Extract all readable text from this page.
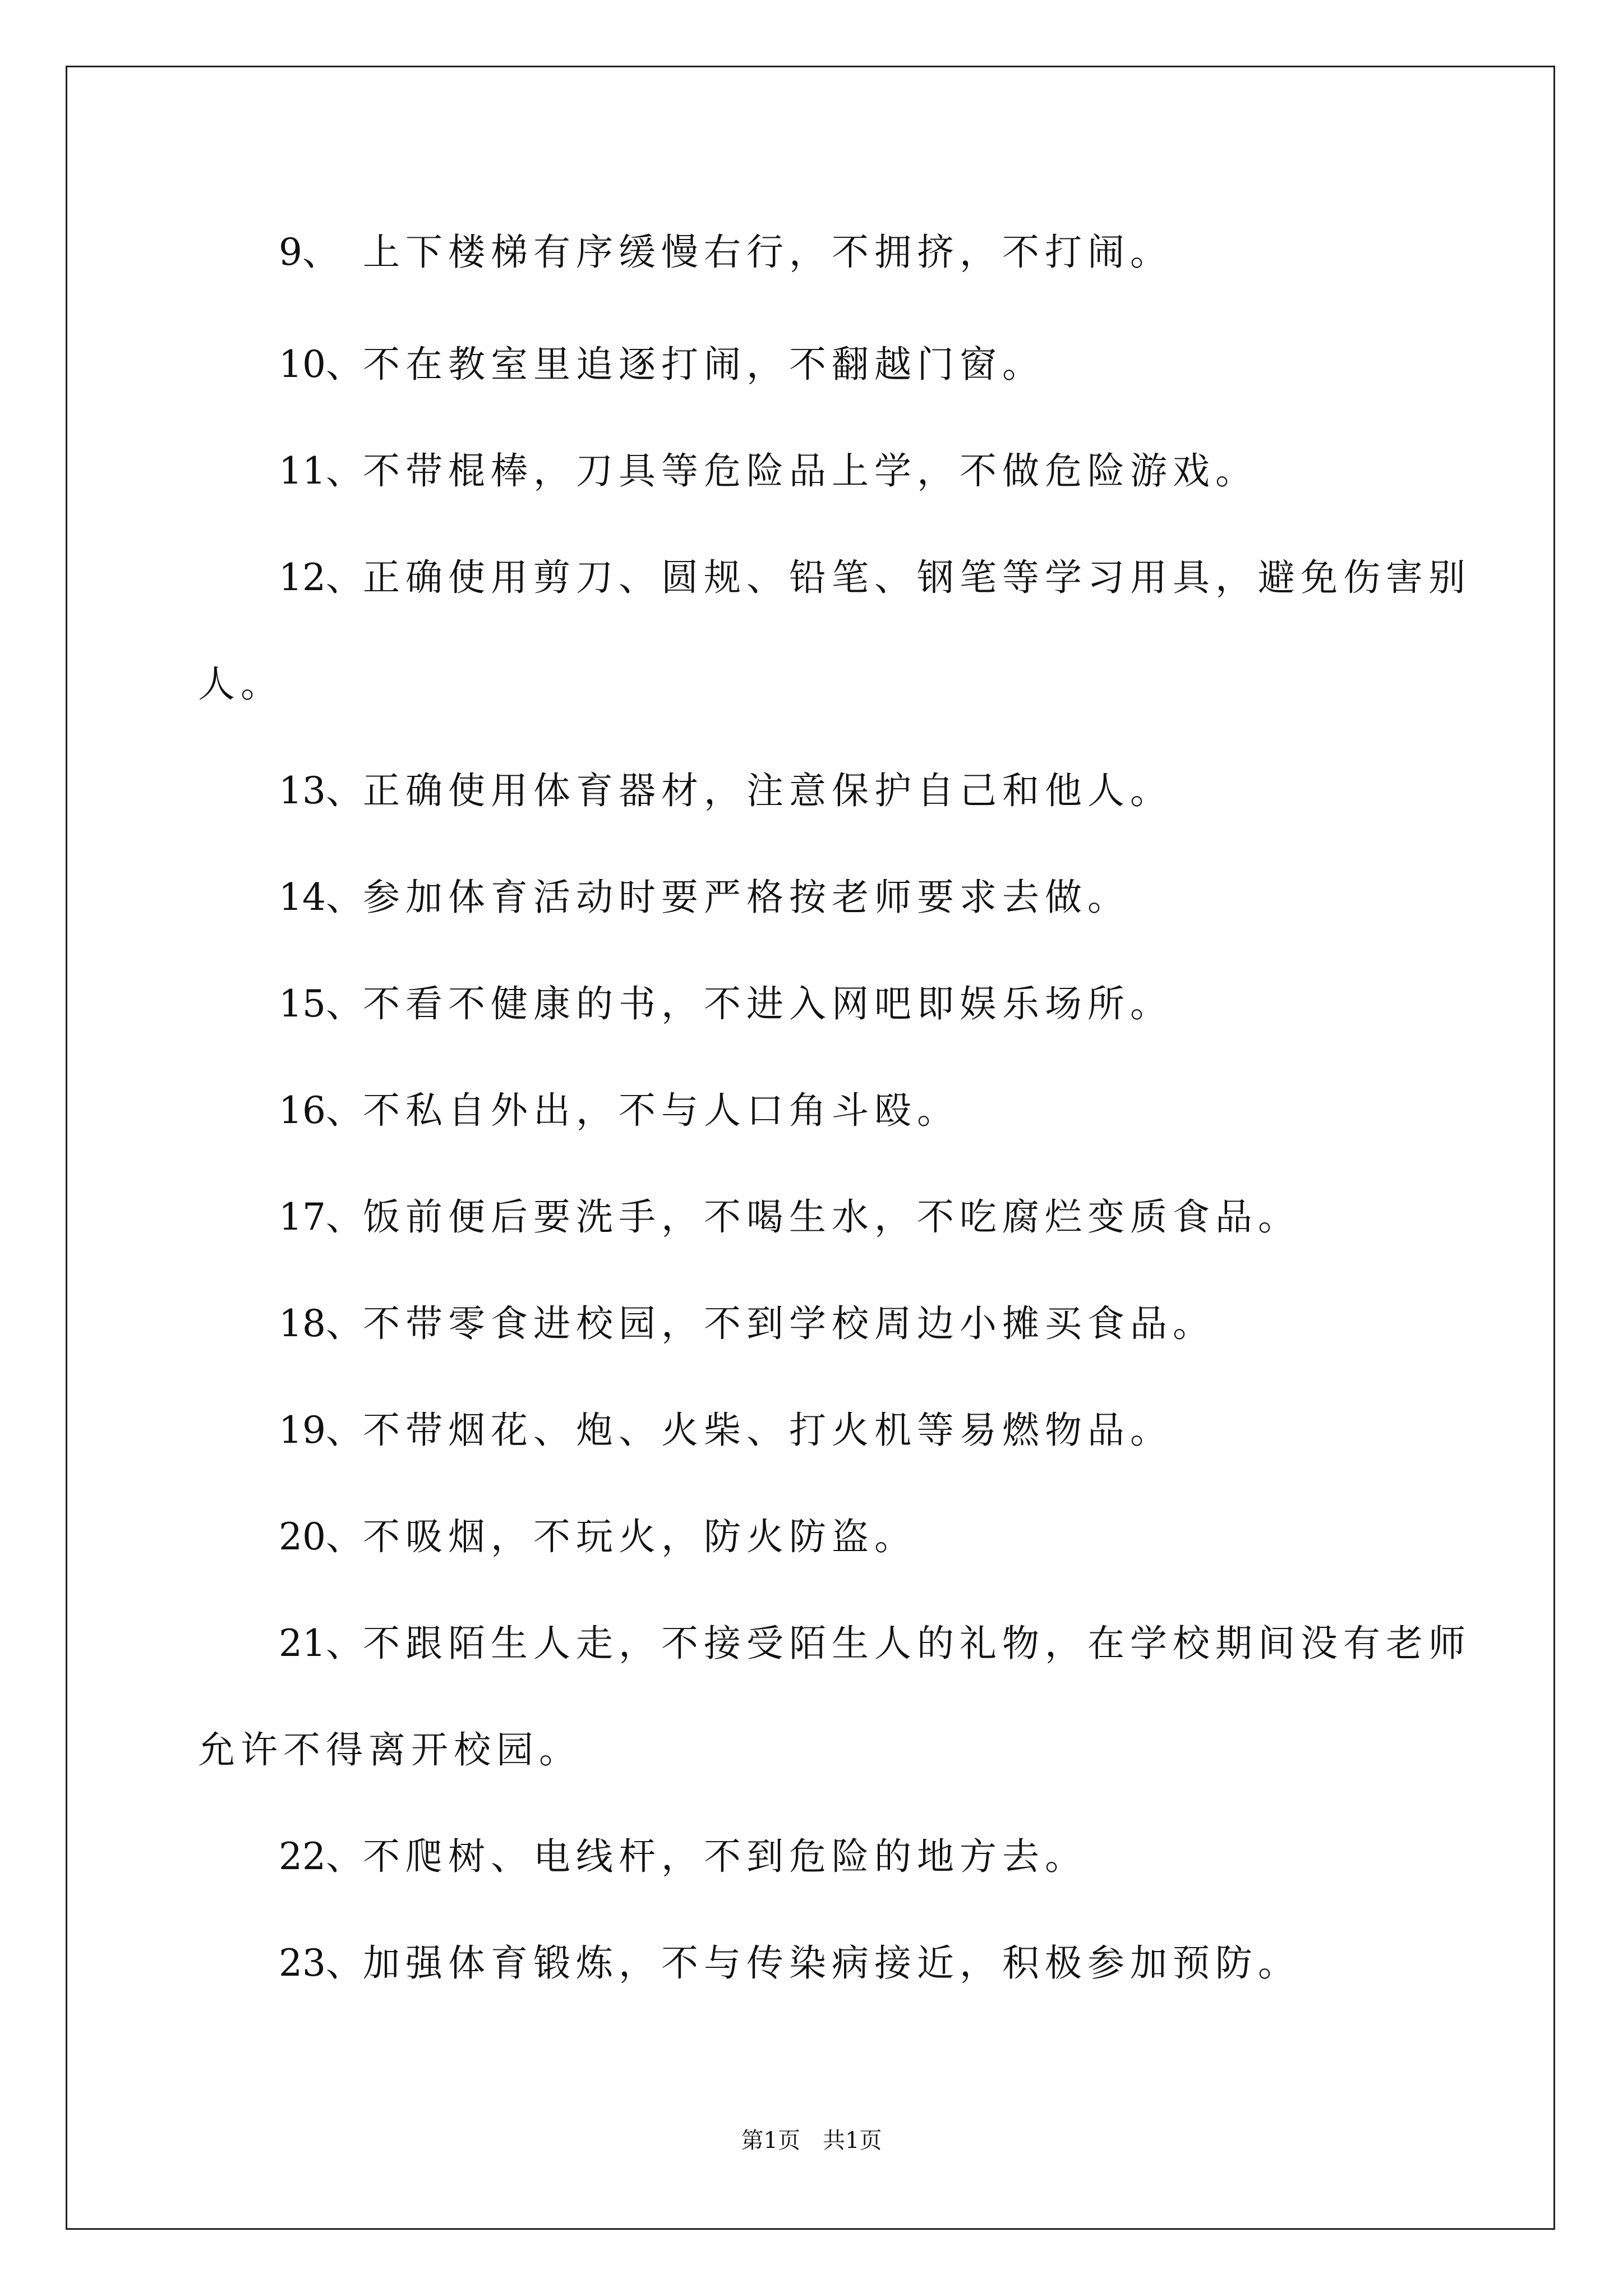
9、 上下楼梯有序缓慢右行，不拥挤，不打闹。
10、不在教室里追逐打闹，不翻越门窗。
11、不带棍棒，刀具等危险品上学，不做危险游戏。
12、正确使用剪刀、圆规、铅笔、钢笔等学习用具，避免伤害别
人。
13、正确使用体育器材，注意保护自己和他人。
14、参加体育活动时要严格按老师要求去做。
15、不看不健康的书，不进入网吧即娱乐场所。
16、不私自外出，不与人口角斗殴。
17、饭前便后要洗手，不喝生水，不吃腐烂变质食品。
18、不带零食进校园，不到学校周边小摊买食品。
19、不带烟花、炮、火柴、打火机等易燃物品。
20、不吸烟，不玩火，防火防盗。
21、不跟陌生人走，不接受陌生人的礼物，在学校期间没有老师
允许不得离开校园。
22、不爬树、电线杆，不到危险的地方去。
23、加强体育锻炼，不与传染病接近，积极参加预防。
第1页　共1页
